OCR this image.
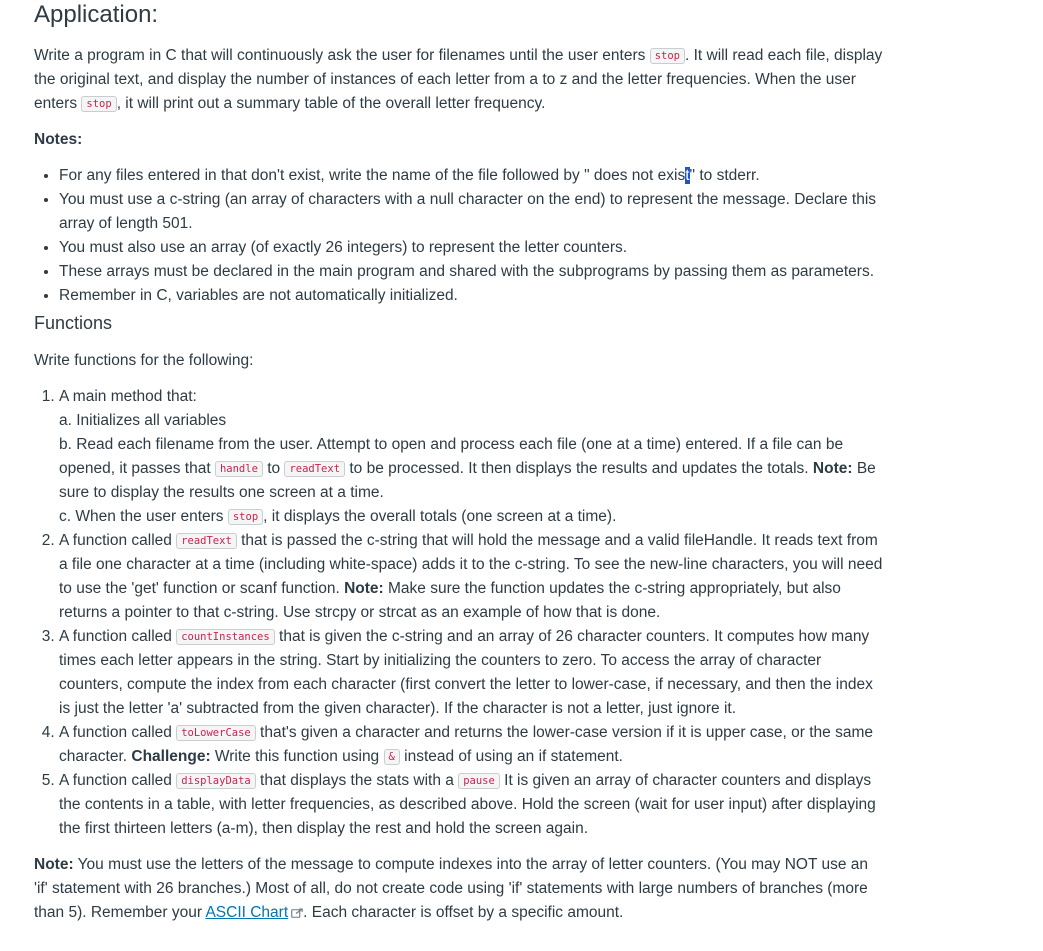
Application:

Write a program in C that will continuously ask the user for filenames until the user enters stop . It will read each file, display the original text, and display the number of instances of each letter from a to z and the letter frequencies. When the user enters stop , it will print out a summary table of the overall letter frequency.

Notes:

• For any files entered in that don't exist, write the name of the file followed by " does not exist" to stderr.
• You must use a c-string (an array of characters with a null character on the end) to represent the message. Declare this array of length 501.
• You must also use an array (of exactly 26 integers) to represent the letter counters.
• These arrays must be declared in the main program and shared with the subprograms by passing them as parameters.
• Remember in C, variables are not automatically initialized.
Functions

Write functions for the following:

1. A main method that:
a. Initializes all variables
b. Read each filename from the user. Attempt to open and process each file (one at a time) entered. If a file can be opened, it passes that handle to readText to be processed. It then displays the results and updates the totals. Note: Be sure to display the results one screen at a time.
c. When the user enters stop , it displays the overall totals (one screen at a time).
2. A function called readText that is passed the c-string that will hold the message and a valid fileHandle. It reads text from a file one character at a time (including white-space) adds it to the c-string. To see the new-line characters, you will need to use the 'get' function or scanf function. Note: Make sure the function updates the c-string appropriately, but also returns a pointer to that c-string. Use strcpy or strcat as an example of how that is done.
3. A function called countInstances that is given the c-string and an array of 26 character counters. It computes how many times each letter appears in the string. Start by initializing the counters to zero. To access the array of character counters, compute the index from each character (first convert the letter to lower-case, if necessary, and then the index is just the letter 'a' subtracted from the given character). If the character is not a letter, just ignore it.
4. A function called toLowerCase that's given a character and returns the lower-case version if it is upper case, or the same character. Challenge: Write this function using & instead of using an if statement.
5. A function called displayData that displays the stats with a pause It is given an array of character counters and displays the contents in a table, with letter frequencies, as described above. Hold the screen (wait for user input) after displaying the first thirteen letters (a-m), then display the rest and hold the screen again.

Note: You must use the letters of the message to compute indexes into the array of letter counters. (You may NOT use an 'if' statement with 26 branches.) Most of all, do not create code using 'if' statements with large numbers of branches (more than 5). Remember your ASCII Chart . Each character is offset by a specific amount.
